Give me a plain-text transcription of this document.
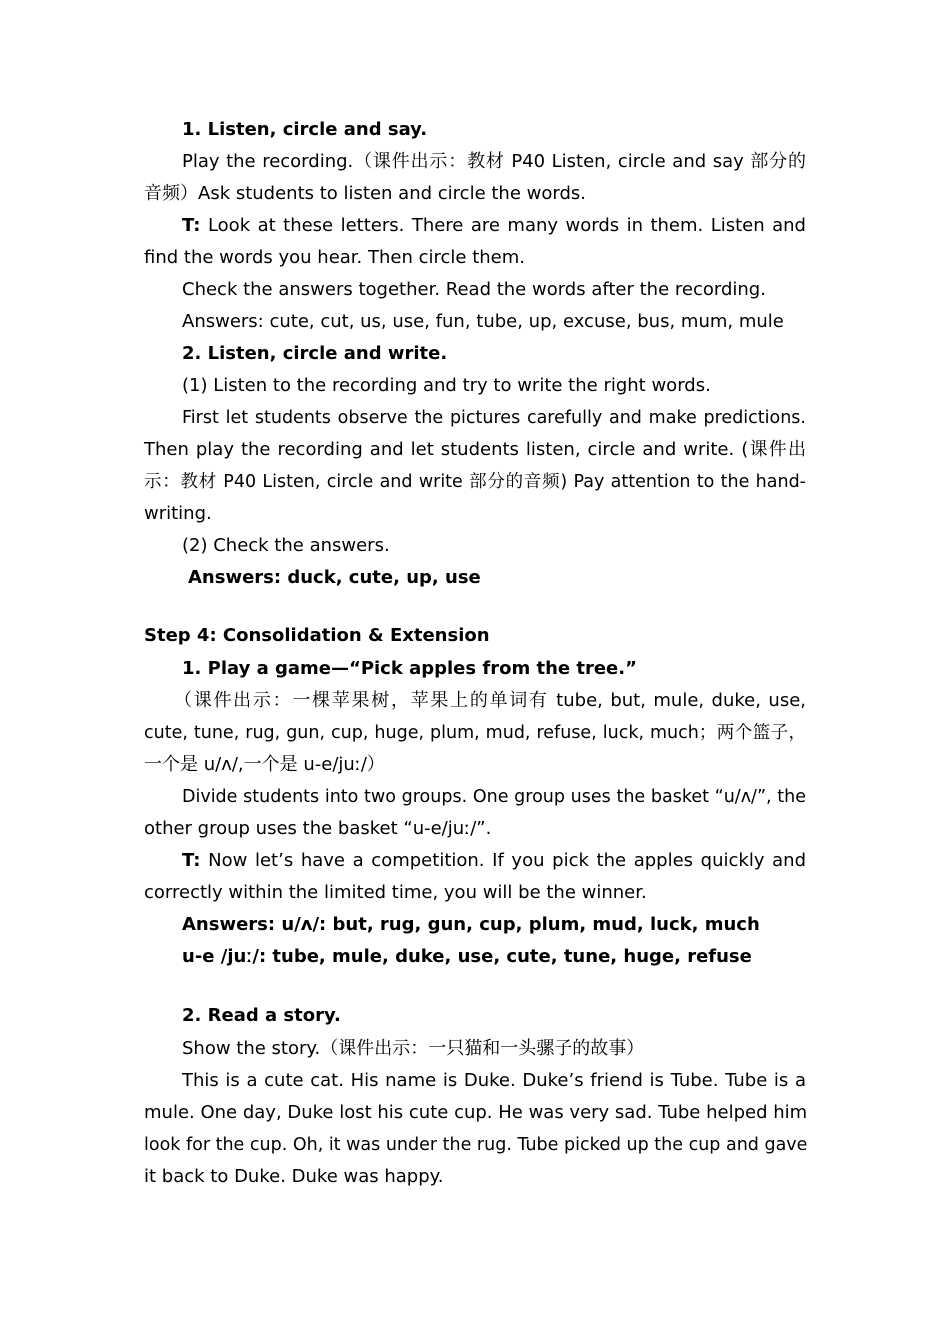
1. Listen, circle and say.
Play the recording.（课件出示：教材 P40 Listen, circle and say 部分的
音频）Ask students to listen and circle the words.
T: Look at these letters. There are many words in them. Listen and
find the words you hear. Then circle them.
Check the answers together. Read the words after the recording.
Answers: cute, cut, us, use, fun, tube, up, excuse, bus, mum, mule
2. Listen, circle and write.
(1) Listen to the recording and try to write the right words.
First let students observe the pictures carefully and make predictions.
Then play the recording and let students listen, circle and write. (课件出
示：教材 P40 Listen, circle and write 部分的音频) Pay attention to the hand-
writing.
(2) Check the answers.
Answers: duck, cute, up, use
Step 4: Consolidation & Extension
1. Play a game—“Pick apples from the tree.”
（课件出示：一棵苹果树，苹果上的单词有 tube, but, mule, duke, use,
cute, tune, rug, gun, cup, huge, plum, mud, refuse, luck, much；两个篮子，
一个是 u/ʌ/,一个是 u-e/juː/）
Divide students into two groups. One group uses the basket “u/ʌ/”, the
other group uses the basket “u-e/juː/”.
T: Now let’s have a competition. If you pick the apples quickly and
correctly within the limited time, you will be the winner.
Answers: u/ʌ/: but, rug, gun, cup, plum, mud, luck, much
u-e /juː/: tube, mule, duke, use, cute, tune, huge, refuse
2. Read a story.
Show the story.（课件出示：一只猫和一头骡子的故事）
This is a cute cat. His name is Duke. Duke’s friend is Tube. Tube is a
mule. One day, Duke lost his cute cup. He was very sad. Tube helped him
look for the cup. Oh, it was under the rug. Tube picked up the cup and gave
it back to Duke. Duke was happy.
